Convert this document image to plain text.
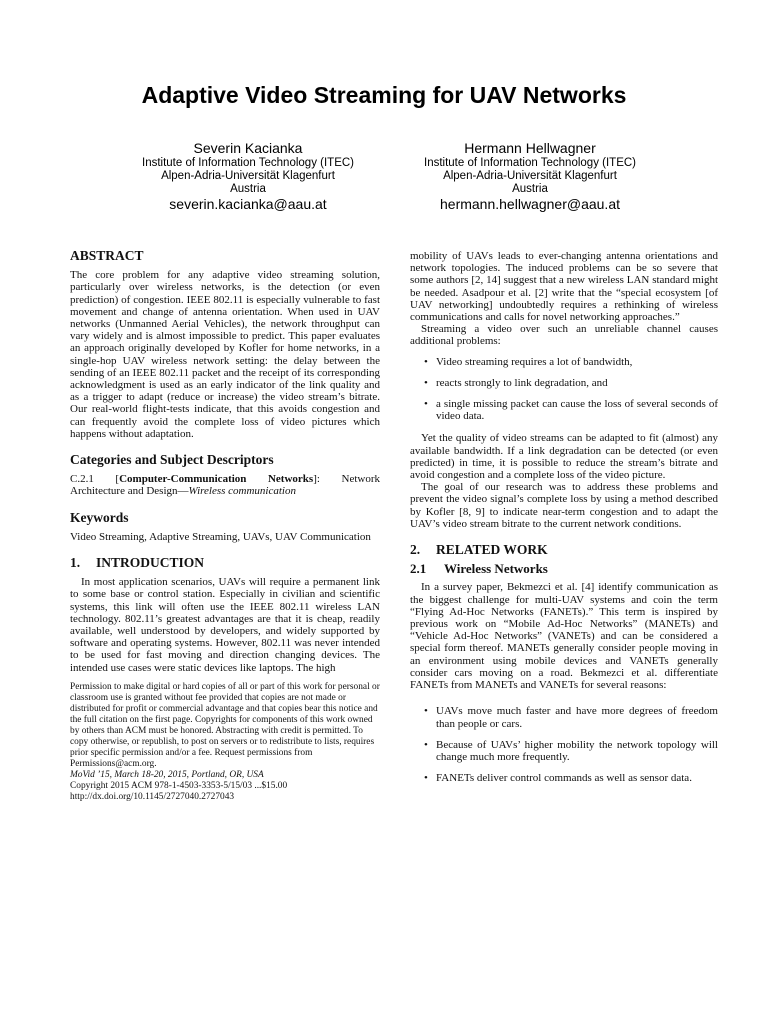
Adaptive Video Streaming for UAV Networks
Severin Kacianka
Institute of Information Technology (ITEC)
Alpen-Adria-Universität Klagenfurt
Austria
severin.kacianka@aau.at
Hermann Hellwagner
Institute of Information Technology (ITEC)
Alpen-Adria-Universität Klagenfurt
Austria
hermann.hellwagner@aau.at
ABSTRACT

The core problem for any adaptive video streaming solution, particularly over wireless networks, is the detection (or even prediction) of congestion. IEEE 802.11 is especially vulnerable to fast movement and change of antenna orientation. When used in UAV networks (Unmanned Aerial Vehicles), the network throughput can vary widely and is almost impossible to predict. This paper evaluates an approach originally developed by Kofler for home networks, in a single-hop UAV wireless network setting: the delay between the sending of an IEEE 802.11 packet and the receipt of its corresponding acknowledgment is used as an early indicator of the link quality and as a trigger to adapt (reduce or increase) the video stream’s bitrate. Our real-world flight-tests indicate, that this avoids congestion and can frequently avoid the complete loss of video pictures which happens without adaptation.

Categories and Subject Descriptors

C.2.1 [Computer-Communication Networks]: Network Architecture and Design—Wireless communication

Keywords

Video Streaming, Adaptive Streaming, UAVs, UAV Communication

1. INTRODUCTION

In most application scenarios, UAVs will require a permanent link to some base or control station. Especially in civilian and scientific systems, this link will often use the IEEE 802.11 wireless LAN technology. 802.11’s greatest advantages are that it is cheap, readily available, well understood by developers, and widely supported by software and operating systems. However, 802.11 was never intended to be used for fast moving and direction changing devices. The intended use cases were static devices like laptops. The high

Permission to make digital or hard copies of all or part of this work for personal or classroom use is granted without fee provided that copies are not made or distributed for profit or commercial advantage and that copies bear this notice and the full citation on the first page. Copyrights for components of this work owned by others than ACM must be honored. Abstracting with credit is permitted. To copy otherwise, or republish, to post on servers or to redistribute to lists, requires prior specific permission and/or a fee. Request permissions from Permissions@acm.org.
MoVid ’15, March 18-20, 2015, Portland, OR, USA
Copyright 2015 ACM 978-1-4503-3353-5/15/03 ...$15.00
http://dx.doi.org/10.1145/2727040.2727043

mobility of UAVs leads to ever-changing antenna orientations and network topologies. The induced problems can be so severe that some authors [2, 14] suggest that a new wireless LAN standard might be needed. Asadpour et al. [2] write that the “special ecosystem [of UAV networking] undoubtedly requires a rethinking of wireless communications and calls for novel networking approaches.”

Streaming a video over such an unreliable channel causes additional problems:

• Video streaming requires a lot of bandwidth,
• reacts strongly to link degradation, and
• a single missing packet can cause the loss of several seconds of video data.

Yet the quality of video streams can be adapted to fit (almost) any available bandwidth. If a link degradation can be detected (or even predicted) in time, it is possible to reduce the stream’s bitrate and avoid congestion and a complete loss of the video picture.

The goal of our research was to address these problems and prevent the video signal’s complete loss by using a method described by Kofler [8, 9] to indicate near-term congestion and to adapt the UAV’s video stream bitrate to the current network conditions.

2. RELATED WORK
2.1 Wireless Networks

In a survey paper, Bekmezci et al. [4] identify communication as the biggest challenge for multi-UAV systems and coin the term “Flying Ad-Hoc Networks (FANETs).” This term is inspired by previous work on “Mobile Ad-Hoc Networks” (MANETs) and “Vehicle Ad-Hoc Networks” (VANETs) and can be considered a special form thereof. MANETs generally consider people moving in an environment using mobile devices and VANETs generally consider cars moving on a road. Bekmezci et al. differentiate FANETs from MANETs and VANETs for several reasons:

• UAVs move much faster and have more degrees of freedom than people or cars.
• Because of UAVs’ higher mobility the network topology will change much more frequently.
• FANETs deliver control commands as well as sensor data.
